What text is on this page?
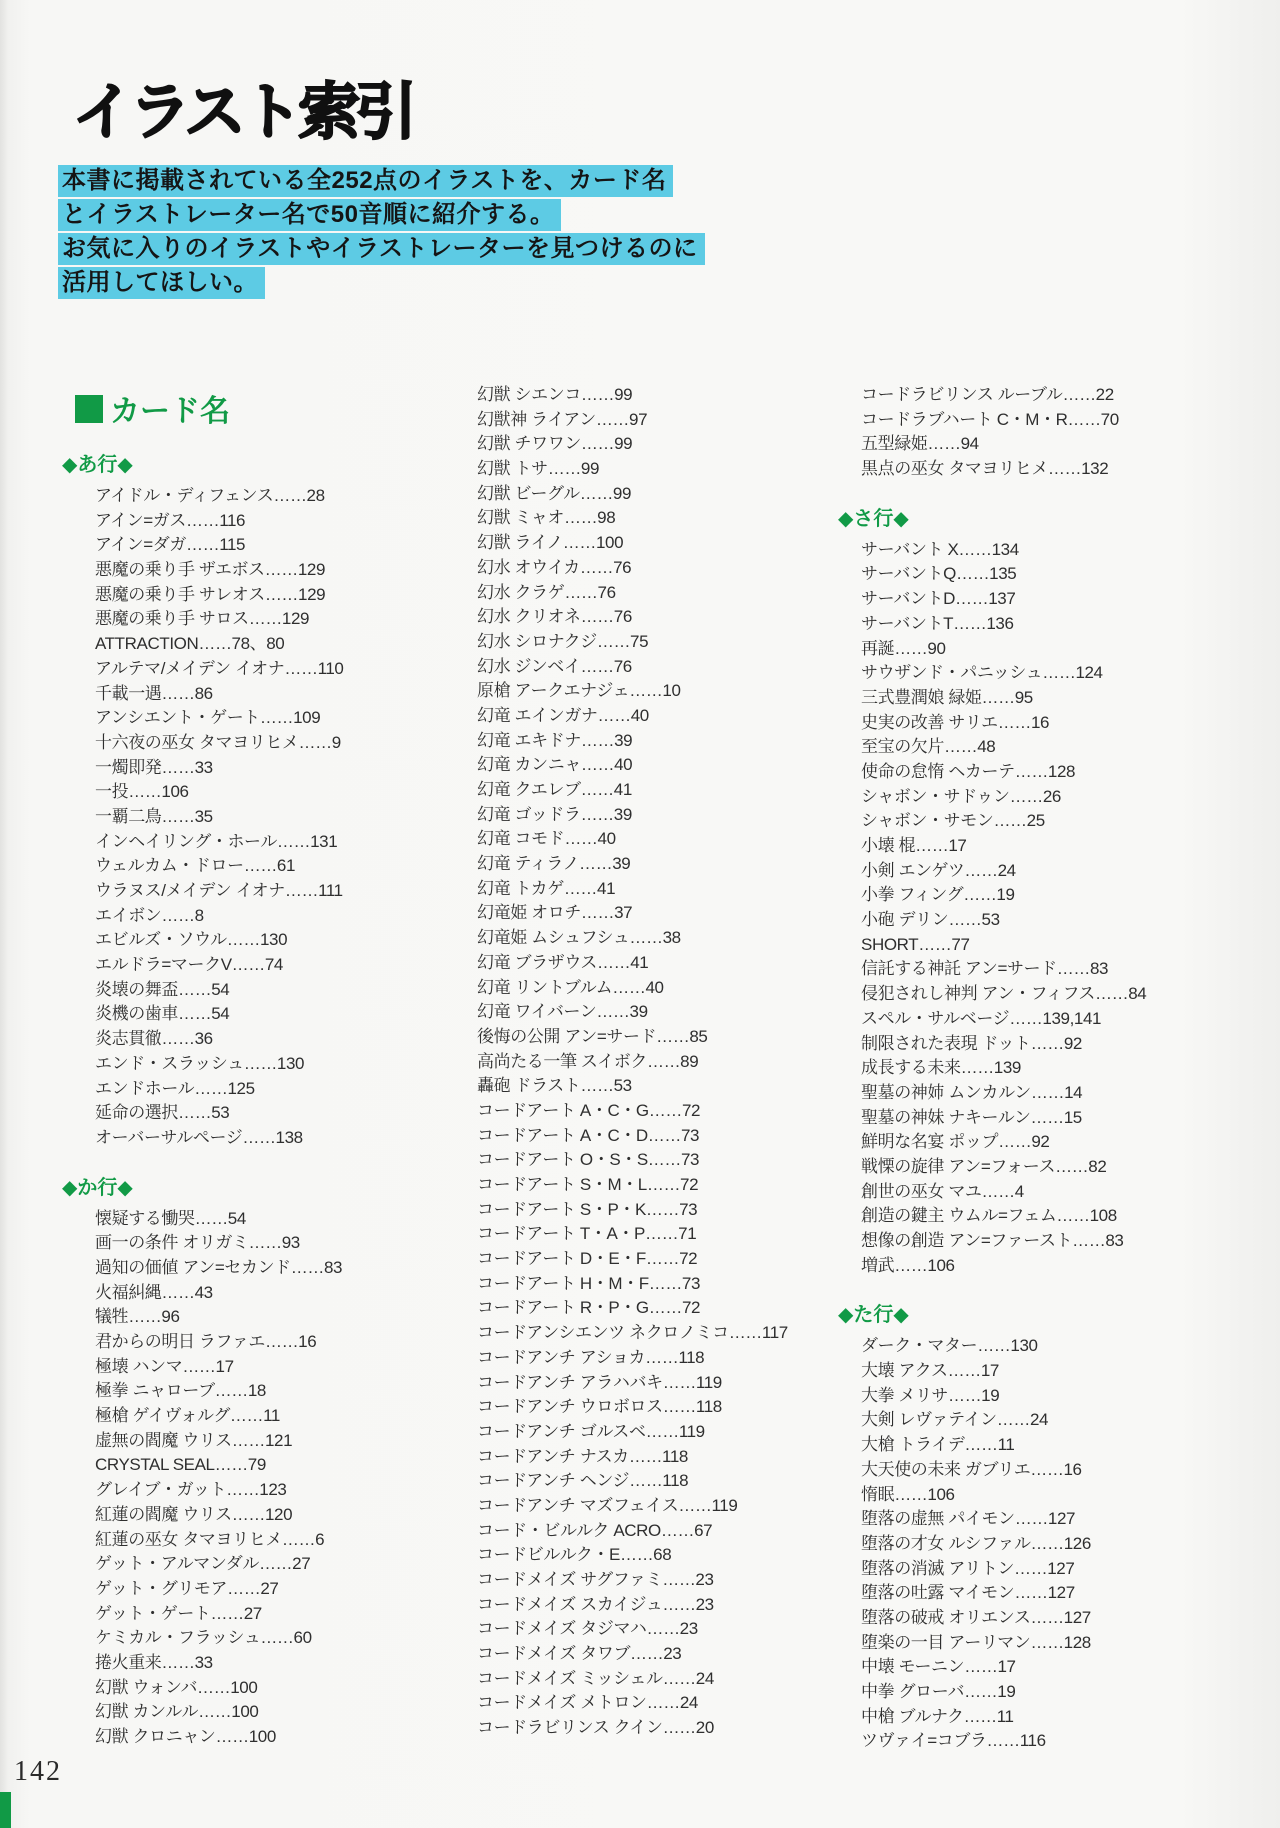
イラスト索引
本書に掲載されている全252点のイラストを、カード名
とイラストレーター名で50音順に紹介する。
お気に入りのイラストやイラストレーターを見つけるのに
活用してほしい。
カード名
◆あ行◆
アイドル・ディフェンス……28
アイン=ガス……116
アイン=ダガ……115
悪魔の乗り手 ザエボス……129
悪魔の乗り手 サレオス……129
悪魔の乗り手 サロス……129
ATTRACTION……78、80
アルテマ/メイデン イオナ……110
千載一遇……86
アンシエント・ゲート……109
十六夜の巫女 タマヨリヒメ……9
一燭即発……33
一投……106
一覇二鳥……35
インヘイリング・ホール……131
ウェルカム・ドロー……61
ウラヌス/メイデン イオナ……111
エイボン……8
エビルズ・ソウル……130
エルドラ=マークV……74
炎壊の舞盃……54
炎機の歯車……54
炎志貫徹……36
エンド・スラッシュ……130
エンドホール……125
延命の選択……53
オーバーサルページ……138
◆か行◆
懐疑する慟哭……54
画一の条件 オリガミ……93
過知の価値 アン=セカンド……83
火福糾縄……43
犠牲……96
君からの明日 ラファエ……16
極壊 ハンマ……17
極拳 ニャローブ……18
極槍 ゲイヴォルグ……11
虚無の閻魔 ウリス……121
CRYSTAL SEAL……79
グレイブ・ガット……123
紅蓮の閻魔 ウリス……120
紅蓮の巫女 タマヨリヒメ……6
ゲット・アルマンダル……27
ゲット・グリモア……27
ゲット・ゲート……27
ケミカル・フラッシュ……60
捲火重来……33
幻獣 ウォンバ……100
幻獣 カンルル……100
幻獣 クロニャン……100
幻獣 シエンコ……99
幻獣神 ライアン……97
幻獣 チワワン……99
幻獣 トサ……99
幻獣 ビーグル……99
幻獣 ミャオ……98
幻獣 ライノ……100
幻水 オウイカ……76
幻水 クラゲ……76
幻水 クリオネ……76
幻水 シロナクジ……75
幻水 ジンベイ……76
原槍 アークエナジェ……10
幻竜 エインガナ……40
幻竜 エキドナ……39
幻竜 カンニャ……40
幻竜 クエレブ……41
幻竜 ゴッドラ……39
幻竜 コモド……40
幻竜 ティラノ……39
幻竜 トカゲ……41
幻竜姫 オロチ……37
幻竜姫 ムシュフシュ……38
幻竜 ブラザウス……41
幻竜 リントブルム……40
幻竜 ワイバーン……39
後悔の公開 アン=サード……85
高尚たる一筆 スイボク……89
轟砲 ドラスト……53
コードアート A・C・G……72
コードアート A・C・D……73
コードアート O・S・S……73
コードアート S・M・L……72
コードアート S・P・K……73
コードアート T・A・P……71
コードアート D・E・F……72
コードアート H・M・F……73
コードアート R・P・G……72
コードアンシエンツ ネクロノミコ……117
コードアンチ アショカ……118
コードアンチ アラハバキ……119
コードアンチ ウロボロス……118
コードアンチ ゴルスベ……119
コードアンチ ナスカ……118
コードアンチ ヘンジ……118
コードアンチ マズフェイス……119
コード・ビルルク ACRO……67
コードビルルク・E……68
コードメイズ サグファミ……23
コードメイズ スカイジュ……23
コードメイズ タジマハ……23
コードメイズ タワブ……23
コードメイズ ミッシェル……24
コードメイズ メトロン……24
コードラビリンス クイン……20
コードラビリンス ルーブル……22
コードラブハート C・M・R……70
五型緑姫……94
黒点の巫女 タマヨリヒメ……132
◆さ行◆
サーバント X……134
サーバントQ……135
サーバントD……137
サーバントT……136
再誕……90
サウザンド・パニッシュ……124
三式豊潤娘 緑姫……95
史実の改善 サリエ……16
至宝の欠片……48
使命の怠惰 ヘカーテ……128
シャボン・サドゥン……26
シャボン・サモン……25
小壊 棍……17
小剣 エンゲツ……24
小拳 フィング……19
小砲 デリン……53
SHORT……77
信託する神託 アン=サード……83
侵犯されし神判 アン・フィフス……84
スペル・サルベージ……139,141
制限された表現 ドット……92
成長する未来……139
聖墓の神姉 ムンカルン……14
聖墓の神妹 ナキールン……15
鮮明な名宴 ポップ……92
戦慄の旋律 アン=フォース……82
創世の巫女 マユ……4
創造の鍵主 ウムル=フェム……108
想像の創造 アン=ファースト……83
増武……106
◆た行◆
ダーク・マター……130
大壊 アクス……17
大拳 メリサ……19
大剣 レヴァテイン……24
大槍 トライデ……11
大天使の未来 ガブリエ……16
惰眠……106
堕落の虚無 パイモン……127
堕落の才女 ルシファル……126
堕落の消滅 アリトン……127
堕落の吐露 マイモン……127
堕落の破戒 オリエンス……127
堕楽の一目 アーリマン……128
中壊 モーニン……17
中拳 グローバ……19
中槍 ブルナク……11
ツヴァイ=コブラ……116
142
